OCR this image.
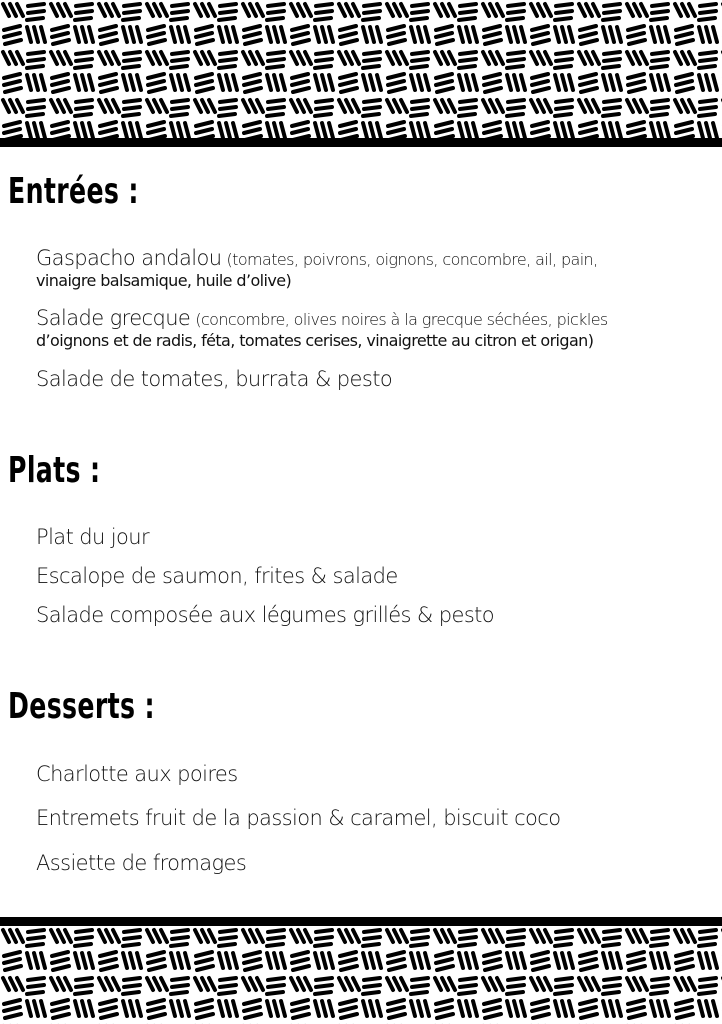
Entrées :
Gaspacho andalou (tomates, poivrons, oignons, concombre, ail, pain,
vinaigre balsamique, huile d’olive)
Salade grecque (concombre, olives noires à la grecque séchées, pickles
d’oignons et de radis, féta, tomates cerises, vinaigrette au citron et origan)
Salade de tomates, burrata & pesto
Plats :
Plat du jour
Escalope de saumon, frites & salade
Salade composée aux légumes grillés & pesto
Desserts :
Charlotte aux poires
Entremets fruit de la passion & caramel, biscuit coco
Assiette de fromages
